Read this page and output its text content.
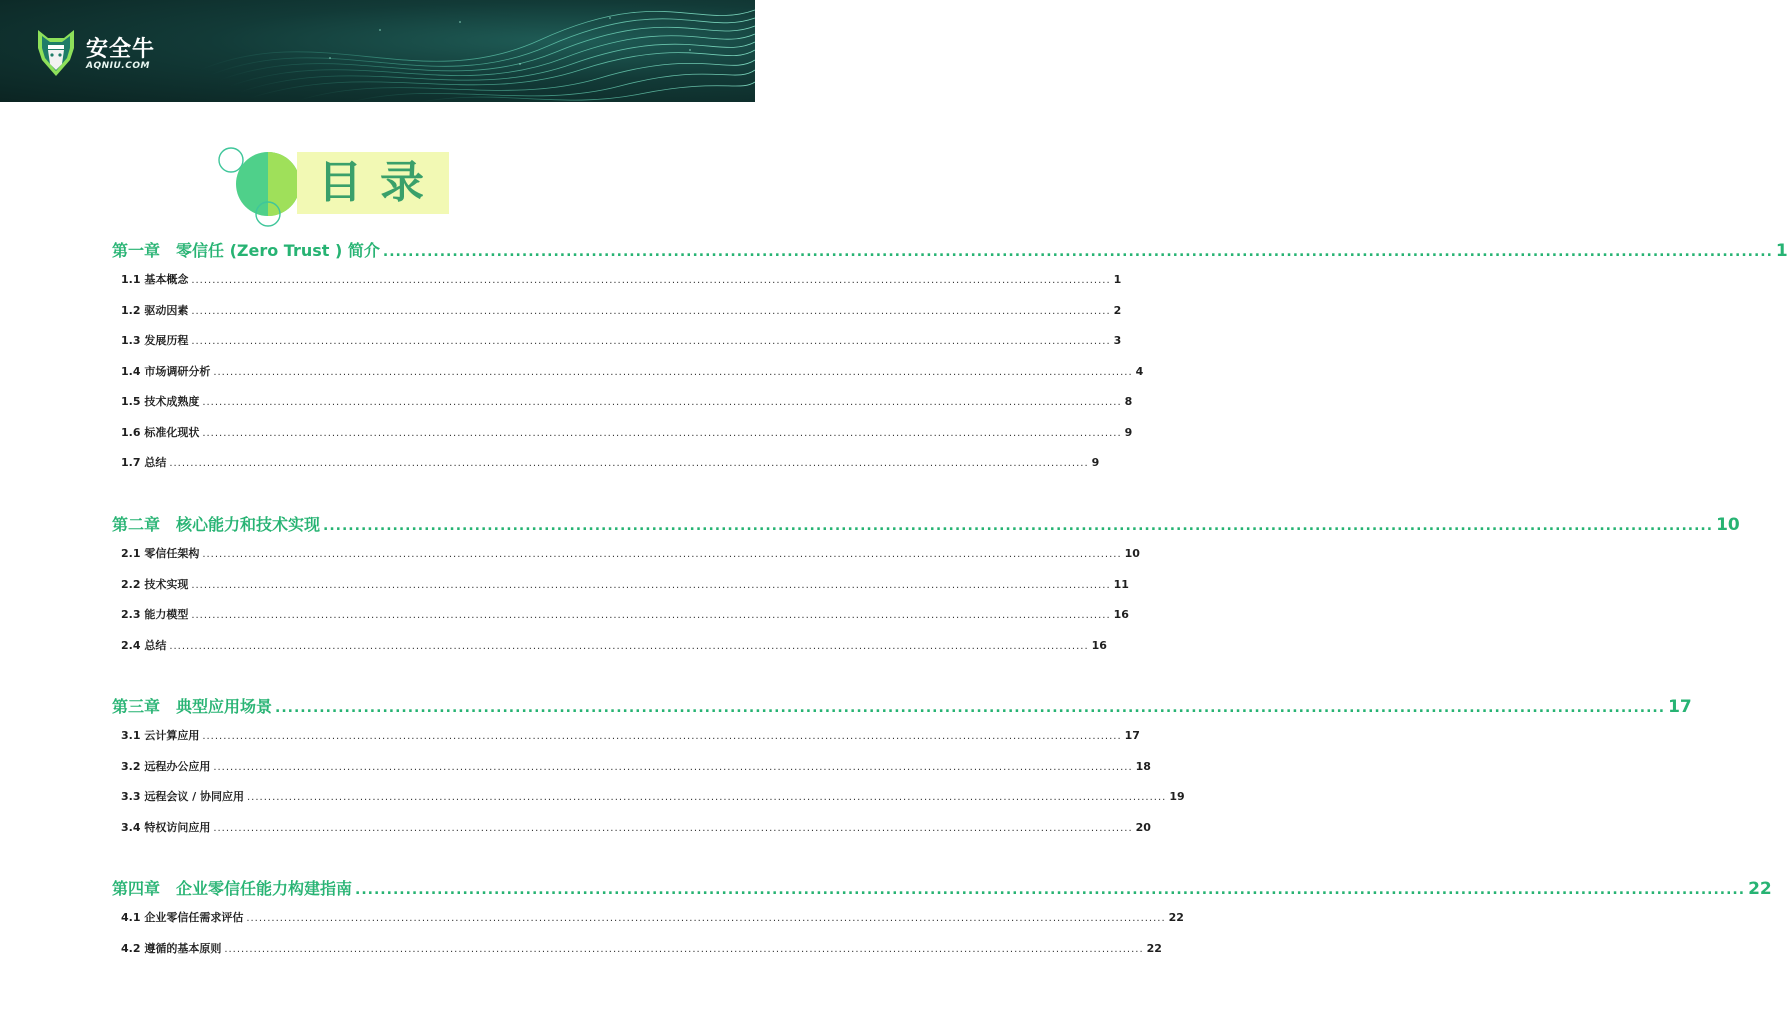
安全牛
AQNIU.COM
目录
第一章 零信任 (Zero Trust ) 简介 ............................................................................................................................................................................................................................ 1
1.1 基本概念 ............................................................................................................................................................................................................................ 1
1.2 驱动因素 ............................................................................................................................................................................................................................ 2
1.3 发展历程 ............................................................................................................................................................................................................................ 3
1.4 市场调研分析 ............................................................................................................................................................................................................................ 4
1.5 技术成熟度 ............................................................................................................................................................................................................................ 8
1.6 标准化现状 ............................................................................................................................................................................................................................ 9
1.7 总结 ............................................................................................................................................................................................................................ 9
第二章 核心能力和技术实现 ............................................................................................................................................................................................................................ 10
2.1 零信任架构 ............................................................................................................................................................................................................................ 10
2.2 技术实现 ............................................................................................................................................................................................................................ 11
2.3 能力模型 ............................................................................................................................................................................................................................ 16
2.4 总结 ............................................................................................................................................................................................................................ 16
第三章 典型应用场景 ............................................................................................................................................................................................................................ 17
3.1 云计算应用 ............................................................................................................................................................................................................................ 17
3.2 远程办公应用 ............................................................................................................................................................................................................................ 18
3.3 远程会议 / 协同应用 ............................................................................................................................................................................................................................ 19
3.4 特权访问应用 ............................................................................................................................................................................................................................ 20
第四章 企业零信任能力构建指南 ............................................................................................................................................................................................................................ 22
4.1 企业零信任需求评估 ............................................................................................................................................................................................................................ 22
4.2 遵循的基本原则 ............................................................................................................................................................................................................................ 22
